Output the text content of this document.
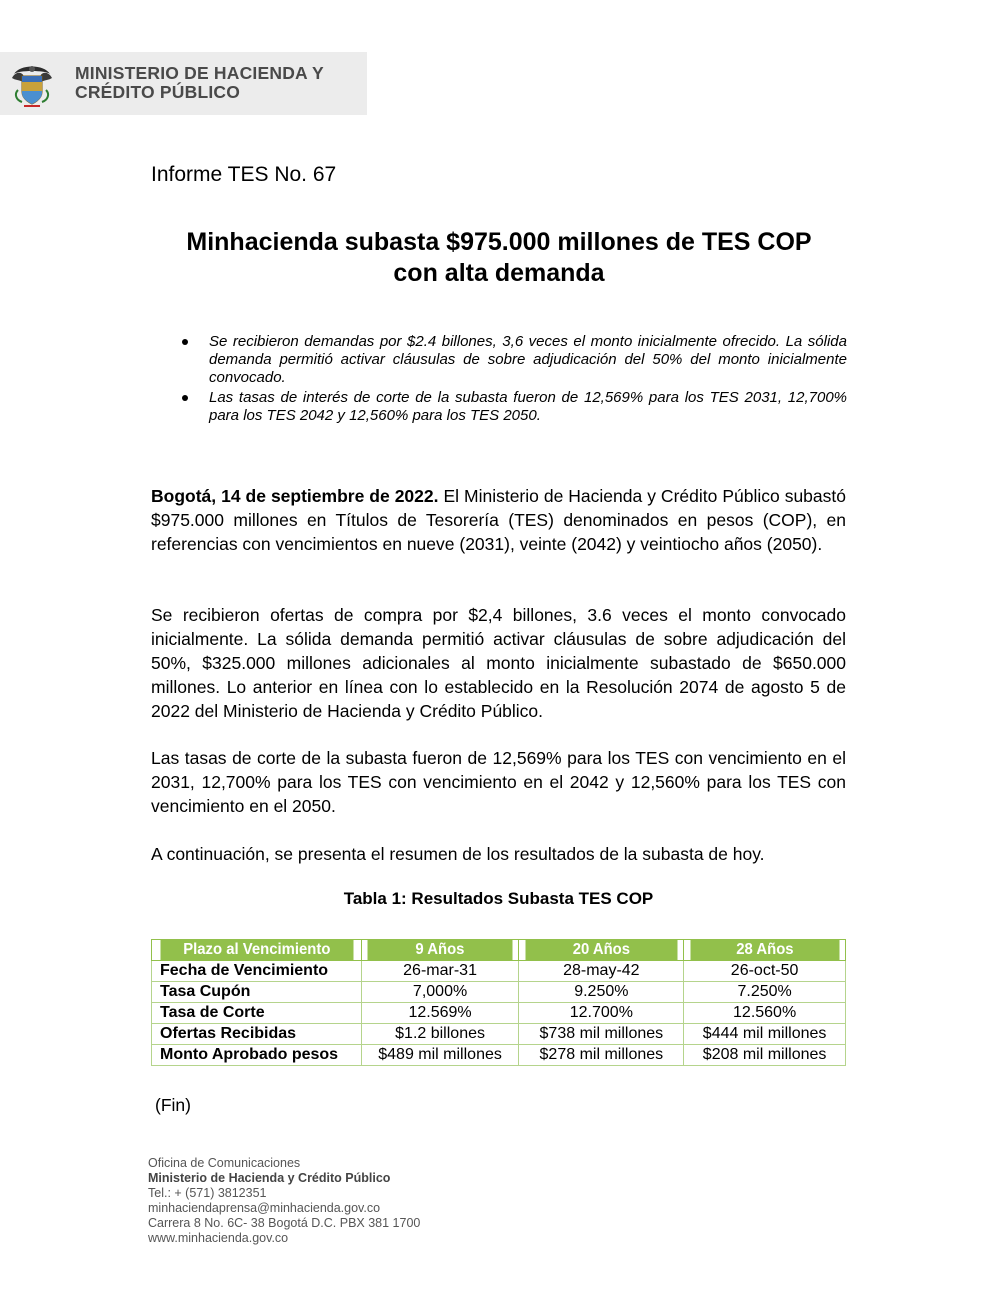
MINISTERIO DE HACIENDA Y
CRÉDITO PÚBLICO
Informe TES No. 67
Minhacienda subasta $975.000 millones de TES COP
con alta demanda
Se recibieron demandas por $2.4 billones, 3,6 veces el monto inicialmente ofrecido. La sólida demanda permitió activar cláusulas de sobre adjudicación del 50% del monto inicialmente convocado.
Las tasas de interés de corte de la subasta fueron de 12,569% para los TES 2031, 12,700% para los TES 2042 y 12,560% para los TES 2050.

Bogotá, 14 de septiembre de 2022. El Ministerio de Hacienda y Crédito Público subastó $975.000 millones en Títulos de Tesorería (TES) denominados en pesos (COP), en referencias con vencimientos en nueve (2031), veinte (2042) y veintiocho años (2050).

Se recibieron ofertas de compra por $2,4 billones, 3.6 veces el monto convocado inicialmente. La sólida demanda permitió activar cláusulas de sobre adjudicación del 50%, $325.000 millones adicionales al monto inicialmente subastado de $650.000 millones. Lo anterior en línea con lo establecido en la Resolución 2074 de agosto 5 de 2022 del Ministerio de Hacienda y Crédito Público.

Las tasas de corte de la subasta fueron de 12,569% para los TES con vencimiento en el 2031, 12,700% para los TES con vencimiento en el 2042 y 12,560% para los TES con vencimiento en el 2050.

A continuación, se presenta el resumen de los resultados de la subasta de hoy.

Tabla 1: Resultados Subasta TES COP
Plazo al Vencimiento	9 Años	20 Años	28 Años
Fecha de Vencimiento	26-mar-31	28-may-42	26-oct-50
Tasa Cupón	7,000%	9.250%	7.250%
Tasa de Corte	12.569%	12.700%	12.560%
Ofertas Recibidas	$1.2 billones	$738 mil millones	$444 mil millones
Monto Aprobado pesos	$489 mil millones	$278 mil millones	$208 mil millones
(Fin)
Oficina de Comunicaciones
Ministerio de Hacienda y Crédito Público
Tel.: + (571) 3812351
minhaciendaprensa@minhacienda.gov.co
Carrera 8 No. 6C- 38 Bogotá D.C. PBX 381 1700
www.minhacienda.gov.co
